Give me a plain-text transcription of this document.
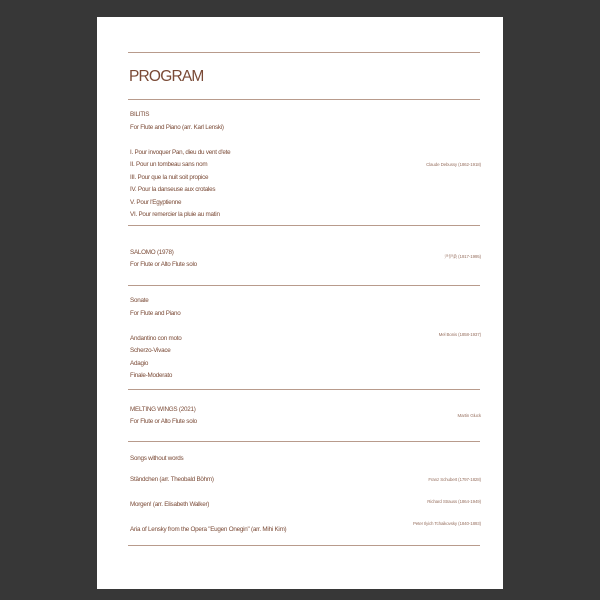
PROGRAM
BILITIS
For Flute and Piano (arr. Karl Lenski)
I. Pour invoquer Pan, dieu du vent d'ete
II. Pour un tombeau sans nom	Claude Debussy (1862-1918)
III. Pour que la nuit soit propice
IV. Pour la danseuse aux crotales
V. Pour l'Egyptienne
VI. Pour remercier la pluie au matin
SALOMO (1978)
尹伊桑 (1917-1995)
For Flute or Alto Flute solo
Sonate
For Flute and Piano
Mel Bonis (1858-1937)
Andantino con moto
Scherzo-Vivace
Adagio
Finale-Moderato
MELTING WINGS (2021)
Martin Gluck
For Flute or Alto Flute solo
Songs without words
Ständchen (arr. Theobald Böhm)	Franz Schubert (1797-1828)
Richard Strauss (1864-1949)
Morgen! (arr. Elisabeth Walker)
Peter Ilyich Tchaikovsky (1840-1893)
Aria of Lensky from the Opera "Eugen Onegin" (arr. Mihi Kim)
